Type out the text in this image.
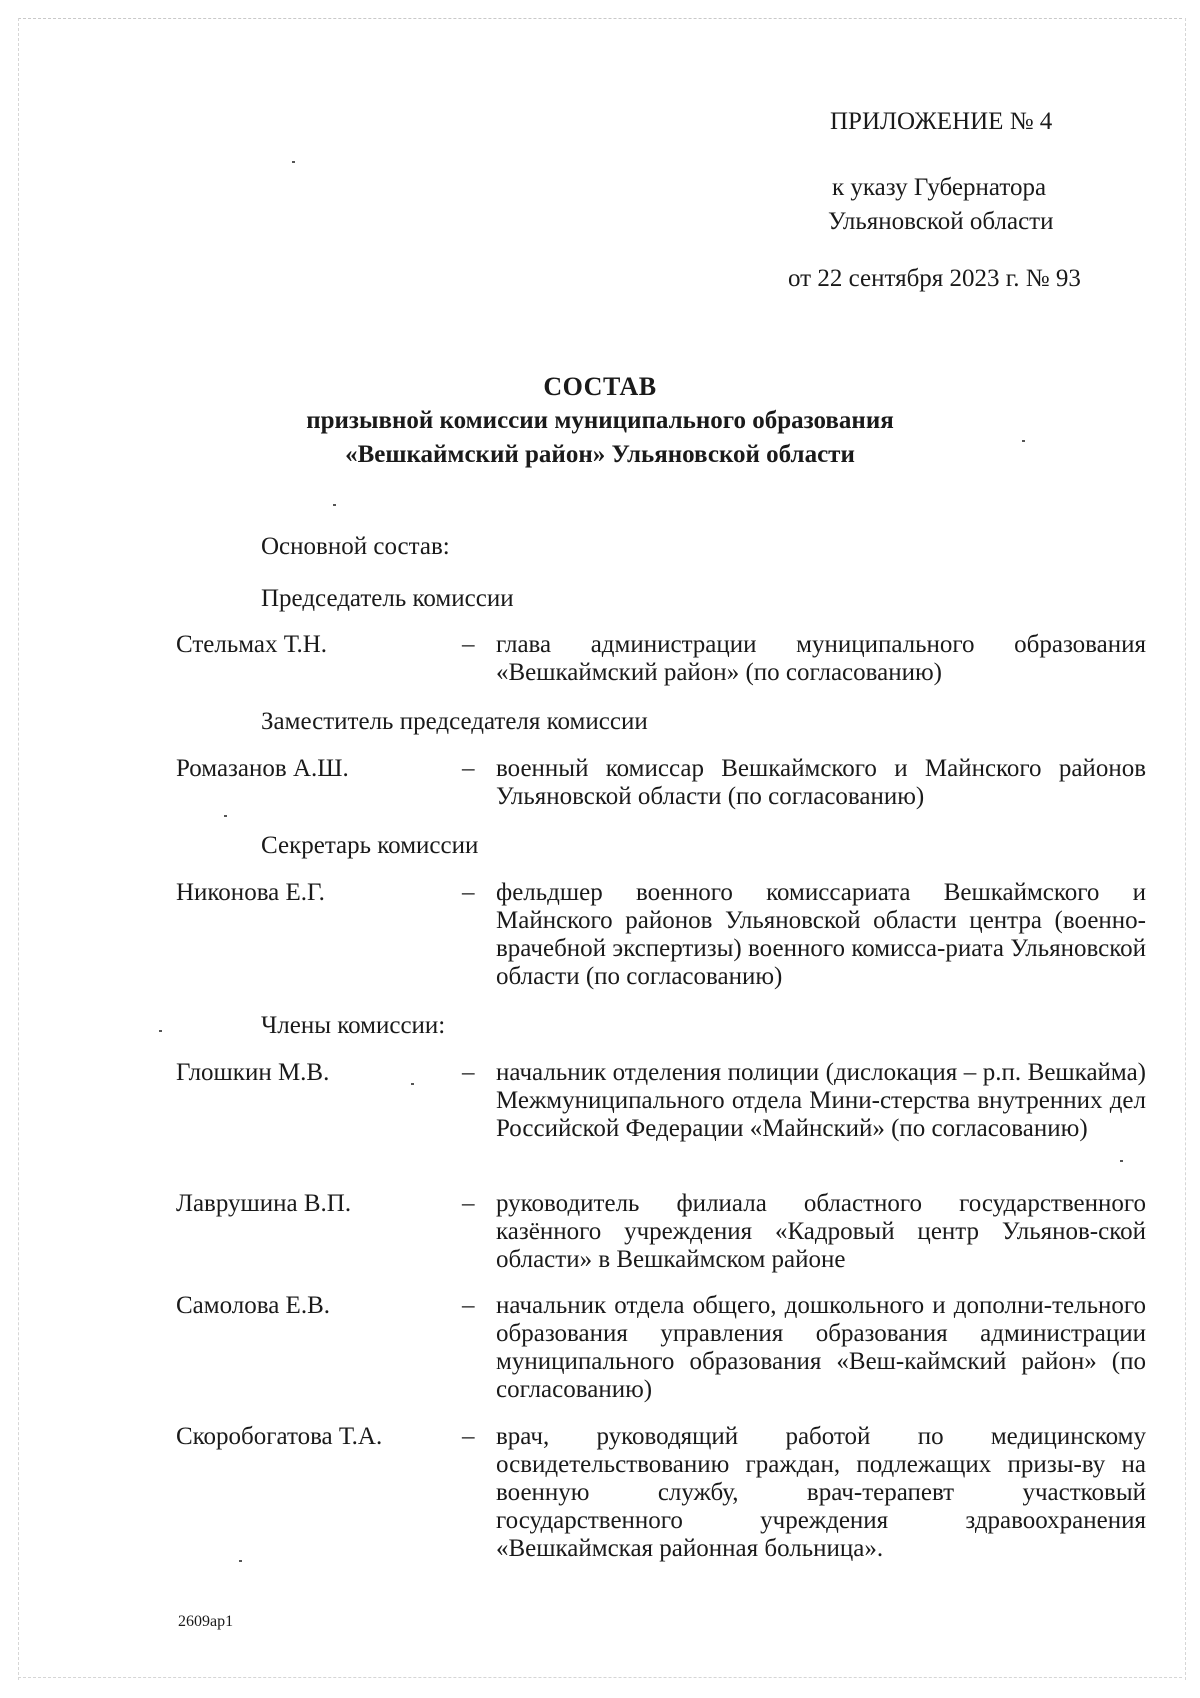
ПРИЛОЖЕНИЕ № 4
к указу Губернатора
Ульяновской области
от 22 сентября 2023 г. № 93
СОСТАВ
призывной комиссии муниципального образования
«Вешкаймский район» Ульяновской области
Основной состав:
Председатель комиссии
Стельмах Т.Н.	– глава администрации муниципального образования «Вешкаймский район» (по согласованию)
Заместитель председателя комиссии
Ромазанов А.Ш.	– военный комиссар Вешкаймского и Майнского районов Ульяновской области (по согласованию)
Секретарь комиссии
Никонова Е.Г.	– фельдшер военного комиссариата Вешкаймского и Майнского районов Ульяновской области центра (военно-врачебной экспертизы) военного комисса-риата Ульяновской области (по согласованию)
Члены комиссии:
Глошкин М.В.	– начальник отделения полиции (дислокация – р.п. Вешкайма) Межмуниципального отдела Мини-стерства внутренних дел Российской Федерации «Майнский» (по согласованию)
Лаврушина В.П.	– руководитель филиала областного государственного казённого учреждения «Кадровый центр Ульянов-ской области» в Вешкаймском районе
Самолова Е.В.	– начальник отдела общего, дошкольного и дополни-тельного образования управления образования администрации муниципального образования «Веш-каймский район» (по согласованию)
Скоробогатова Т.А.	– врач, руководящий работой по медицинскому освидетельствованию граждан, подлежащих призы-ву на военную службу, врач-терапевт участковый государственного учреждения здравоохранения «Вешкаймская районная больница».
2609ар1
